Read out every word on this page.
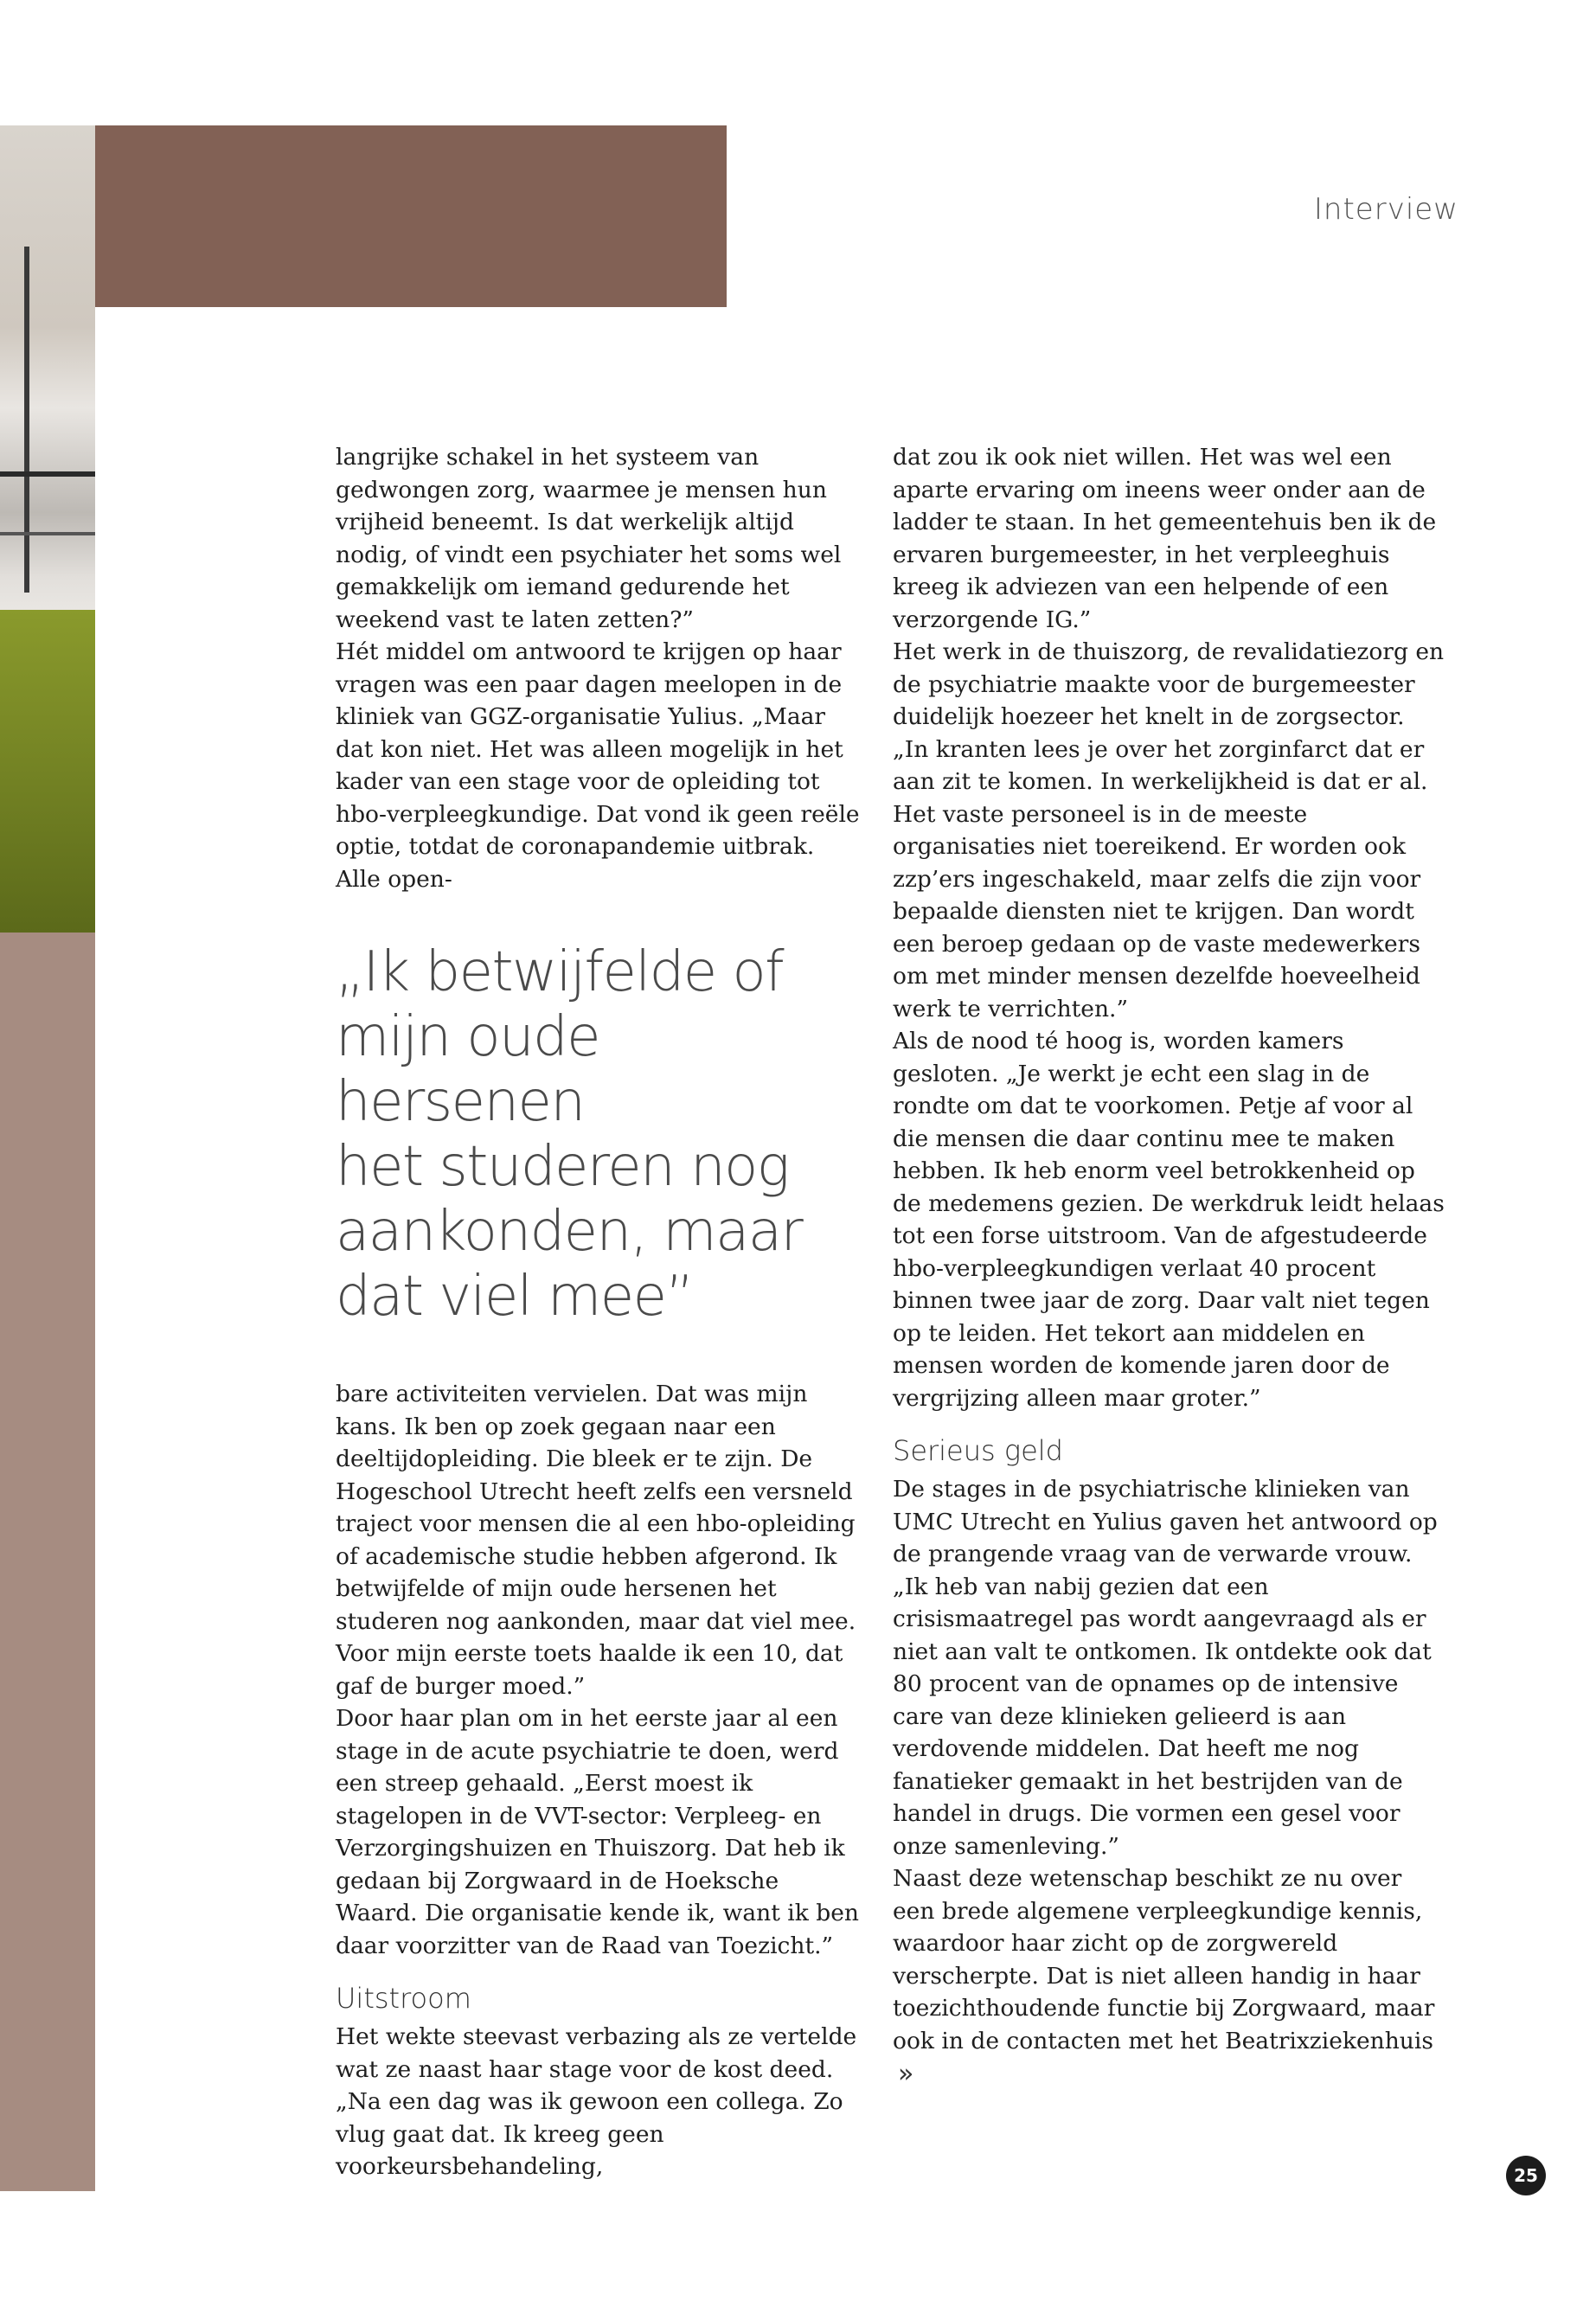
Interview

langrijke schakel in het systeem van gedwongen zorg, waarmee je mensen hun vrijheid beneemt. Is dat werkelijk altijd nodig, of vindt een psychiater het soms wel gemakkelijk om iemand gedurende het weekend vast te laten zetten?”

Hét middel om antwoord te krijgen op haar vragen was een paar dagen meelopen in de kliniek van GGZ-organisatie Yulius. „Maar dat kon niet. Het was alleen mogelijk in het kader van een stage voor de opleiding tot hbo-verpleegkundige. Dat vond ik geen reële optie, totdat de coronapandemie uitbrak. Alle open-

„Ik betwijfelde of
mijn oude hersenen
het studeren nog
aankonden, maar
dat viel mee”

bare activiteiten vervielen. Dat was mijn kans. Ik ben op zoek gegaan naar een deeltijdopleiding. Die bleek er te zijn. De Hogeschool Utrecht heeft zelfs een versneld traject voor mensen die al een hbo-opleiding of academische studie hebben afgerond. Ik betwijfelde of mijn oude hersenen het studeren nog aankonden, maar dat viel mee. Voor mijn eerste toets haalde ik een 10, dat gaf de burger moed.”

Door haar plan om in het eerste jaar al een stage in de acute psychiatrie te doen, werd een streep gehaald. „Eerst moest ik stagelopen in de VVT-sector: Verpleeg- en Verzorgingshuizen en Thuiszorg. Dat heb ik gedaan bij Zorgwaard in de Hoeksche Waard. Die organisatie kende ik, want ik ben daar voorzitter van de Raad van Toezicht.”

Uitstroom

Het wekte steevast verbazing als ze vertelde wat ze naast haar stage voor de kost deed. „Na een dag was ik gewoon een collega. Zo vlug gaat dat. Ik kreeg geen voorkeursbehandeling,

dat zou ik ook niet willen. Het was wel een aparte ervaring om ineens weer onder aan de ladder te staan. In het gemeentehuis ben ik de ervaren burgemeester, in het verpleeghuis kreeg ik adviezen van een helpende of een verzorgende IG.”

Het werk in de thuiszorg, de revalidatiezorg en de psychiatrie maakte voor de burgemeester duidelijk hoezeer het knelt in de zorgsector. „In kranten lees je over het zorginfarct dat er aan zit te komen. In werkelijkheid is dat er al. Het vaste personeel is in de meeste organisaties niet toereikend. Er worden ook zzp’ers ingeschakeld, maar zelfs die zijn voor bepaalde diensten niet te krijgen. Dan wordt een beroep gedaan op de vaste medewerkers om met minder mensen dezelfde hoeveelheid werk te verrichten.”

Als de nood té hoog is, worden kamers gesloten. „Je werkt je echt een slag in de rondte om dat te voorkomen. Petje af voor al die mensen die daar continu mee te maken hebben. Ik heb enorm veel betrokkenheid op de medemens gezien. De werkdruk leidt helaas tot een forse uitstroom. Van de afgestudeerde hbo-verpleegkundigen verlaat 40 procent binnen twee jaar de zorg. Daar valt niet tegen op te leiden. Het tekort aan middelen en mensen worden de komende jaren door de vergrijzing alleen maar groter.”

Serieus geld

De stages in de psychiatrische klinieken van UMC Utrecht en Yulius gaven het antwoord op de prangende vraag van de verwarde vrouw. „Ik heb van nabij gezien dat een crisismaatregel pas wordt aangevraagd als er niet aan valt te ontkomen. Ik ontdekte ook dat 80 procent van de opnames op de intensive care van deze klinieken gelieerd is aan verdovende middelen. Dat heeft me nog fanatieker gemaakt in het bestrijden van de handel in drugs. Die vormen een gesel voor onze samenleving.”

Naast deze wetenschap beschikt ze nu over een brede algemene verpleegkundige kennis, waardoor haar zicht op de zorgwereld verscherpte. Dat is niet alleen handig in haar toezichthoudende functie bij Zorgwaard, maar ook in de contacten met het Beatrixziekenhuis»

25
